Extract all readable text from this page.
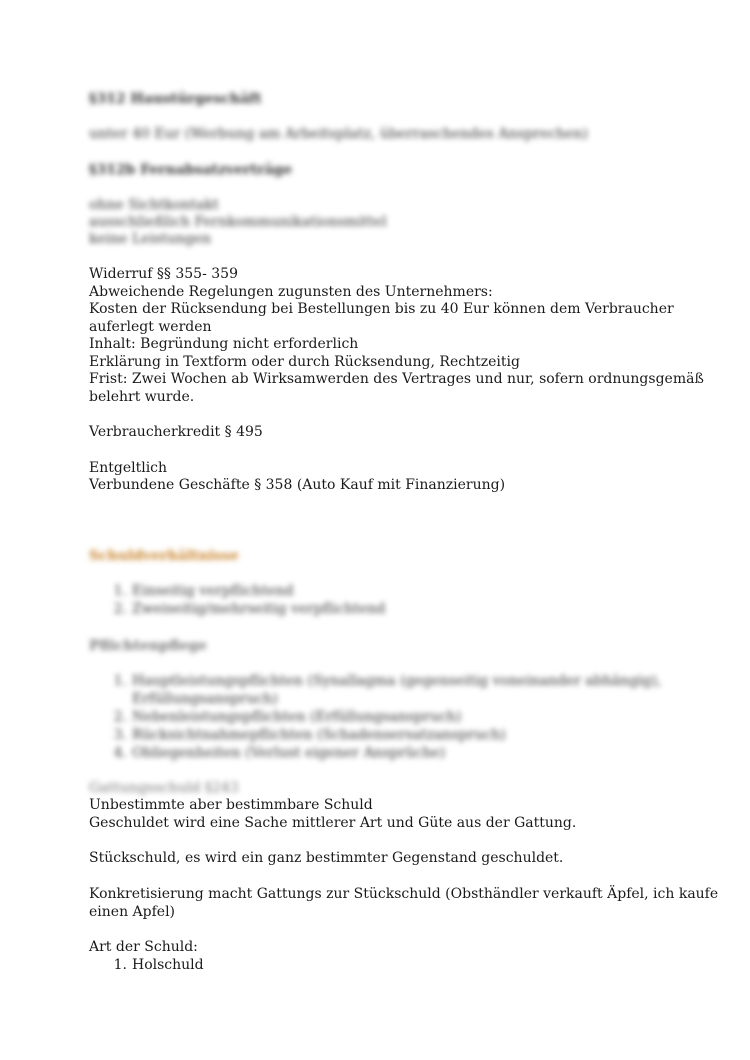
§312 Haustürgeschäft
unter 40 Eur (Werbung am Arbeitsplatz, überraschendes Ansprechen)
§312b Fernabsatzverträge
ohne Sichtkontakt
ausschließlich Fernkommunikationsmittel
keine Leistungen
Widerruf §§ 355- 359
Abweichende Regelungen zugunsten des Unternehmers:
Kosten der Rücksendung bei Bestellungen bis zu 40 Eur können dem Verbraucher
auferlegt werden
Inhalt: Begründung nicht erforderlich
Erklärung in Textform oder durch Rücksendung, Rechtzeitig
Frist: Zwei Wochen ab Wirksamwerden des Vertrages und nur, sofern ordnungsgemäß
belehrt wurde.
Verbraucherkredit § 495
Entgeltlich
Verbundene Geschäfte § 358 (Auto Kauf mit Finanzierung)
Schuldverhältnisse
1. Einseitig verpflichtend
2. Zweiseitig/mehrseitig verpflichtend
Pflichtenpflege
1. Hauptleistungspflichten (Synallagma (gegenseitig voneinander abhängig),
Erfüllungsanspruch)
2. Nebenleistungspflichten (Erfüllungsanspruch)
3. Rücksichtnahmepflichten (Schadensersatzanspruch)
4. Obliegenheiten (Verlust eigener Ansprüche)
Gattungsschuld §243
Unbestimmte aber bestimmbare Schuld
Geschuldet wird eine Sache mittlerer Art und Güte aus der Gattung.
Stückschuld, es wird ein ganz bestimmter Gegenstand geschuldet.
Konkretisierung macht Gattungs zur Stückschuld (Obsthändler verkauft Äpfel, ich kaufe
einen Apfel)
Art der Schuld:
1. Holschuld
